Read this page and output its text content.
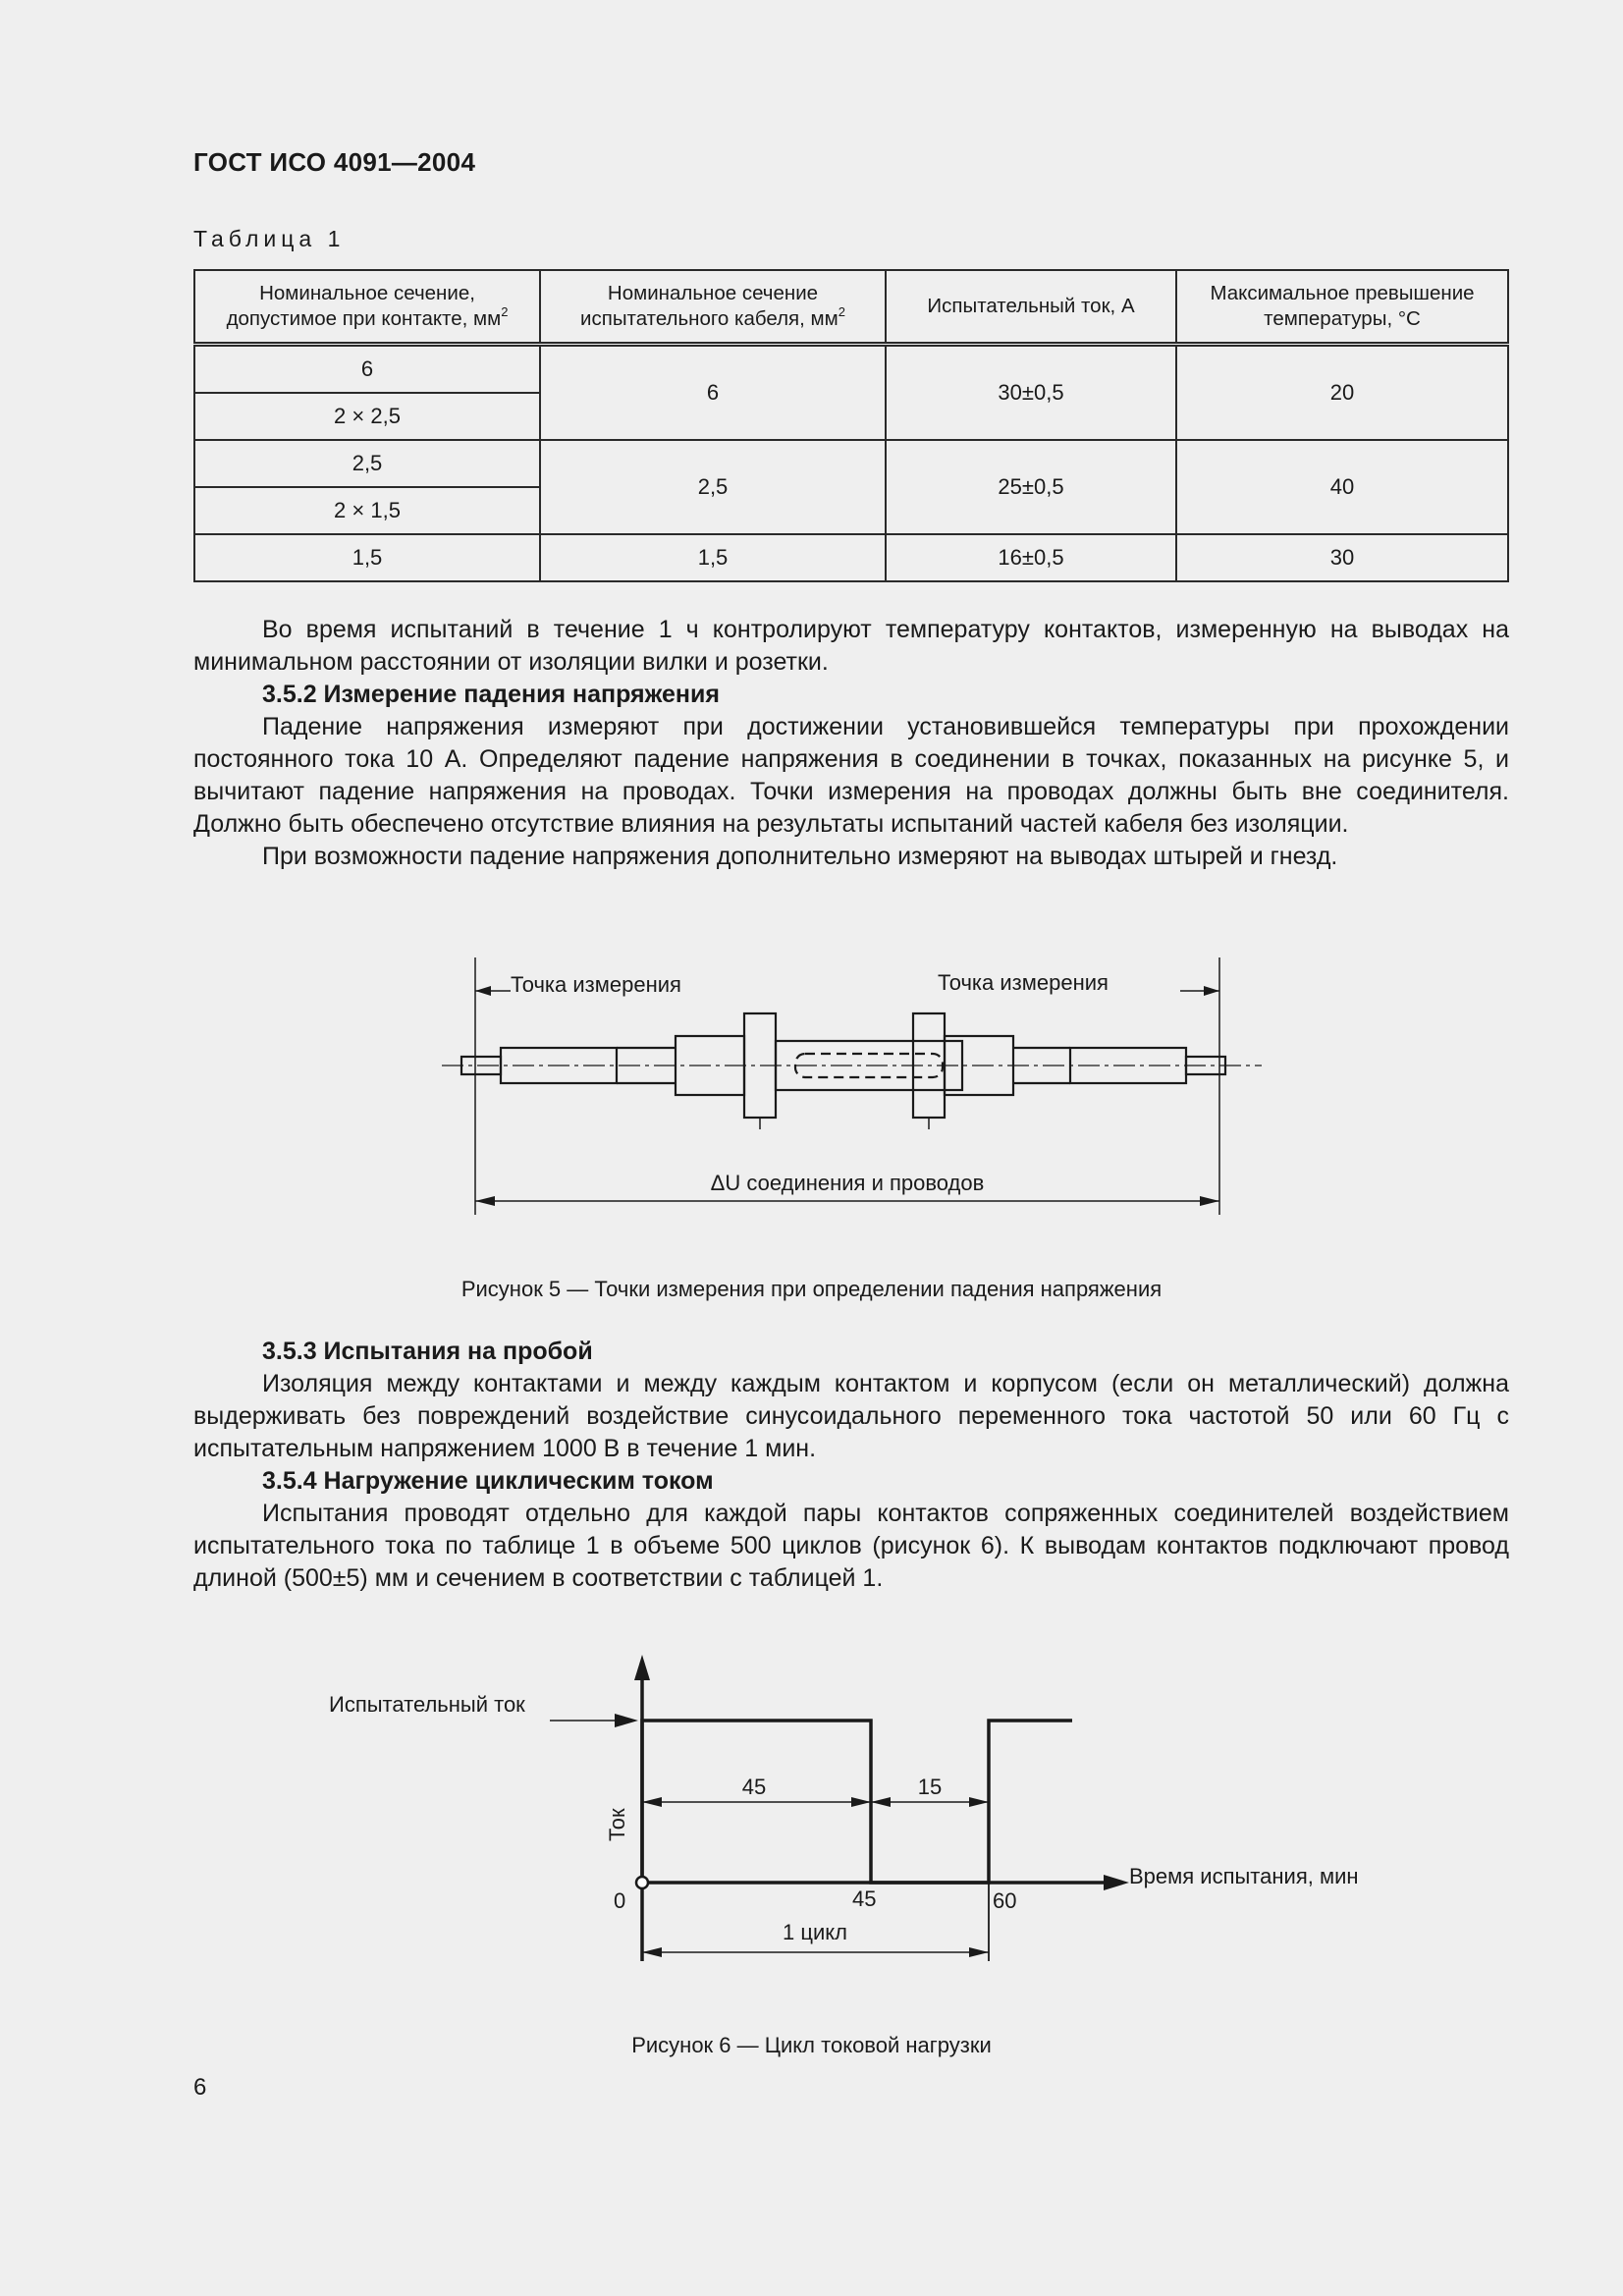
ГОСТ ИСО 4091—2004
Таблица 1
Номинальное сечение, допустимое при контакте, $мм^2$	Номинальное сечение испытательного кабеля, $мм^2$	Испытательный ток, А	Максимальное превышение температуры, °С
6	6	30±0,5	20
2 × 2,5			
2,5	2,5	25±0,5	40
2 × 1,5			
1,5	1,5	16±0,5	30

Во время испытаний в течение 1 ч контролируют температуру контактов, измеренную на выводах на минимальном расстоянии от изоляции вилки и розетки.

3.5.2 Измерение падения напряжения

Падение напряжения измеряют при достижении установившейся температуры при прохождении постоянного тока 10 А. Определяют падение напряжения в соединении в точках, показанных на рисунке 5, и вычитают падение напряжения на проводах. Точки измерения на проводах должны быть вне соединителя. Должно быть обеспечено отсутствие влияния на результаты испытаний частей кабеля без изоляции.

При возможности падение напряжения дополнительно измеряют на выводах штырей и гнезд.

Точка измерения	Точка измерения
ΔU соединения и проводов
Рисунок 5 — Точки измерения при определении падения напряжения

3.5.3 Испытания на пробой

Изоляция между контактами и между каждым контактом и корпусом (если он металлический) должна выдерживать без повреждений воздействие синусоидального переменного тока частотой 50 или 60 Гц с испытательным напряжением 1000 В в течение 1 мин.

3.5.4 Нагружение циклическим током

Испытания проводят отдельно для каждой пары контактов сопряженных соединителей воздействием испытательного тока по таблице 1 в объеме 500 циклов (рисунок 6). К выводам контактов подключают провод длиной (500±5) мм и сечением в соответствии с таблицей 1.

Испытательный ток
Ток
Время испытания, мин
0	45	60
45	15
1 цикл
Рисунок 6 — Цикл токовой нагрузки
6
